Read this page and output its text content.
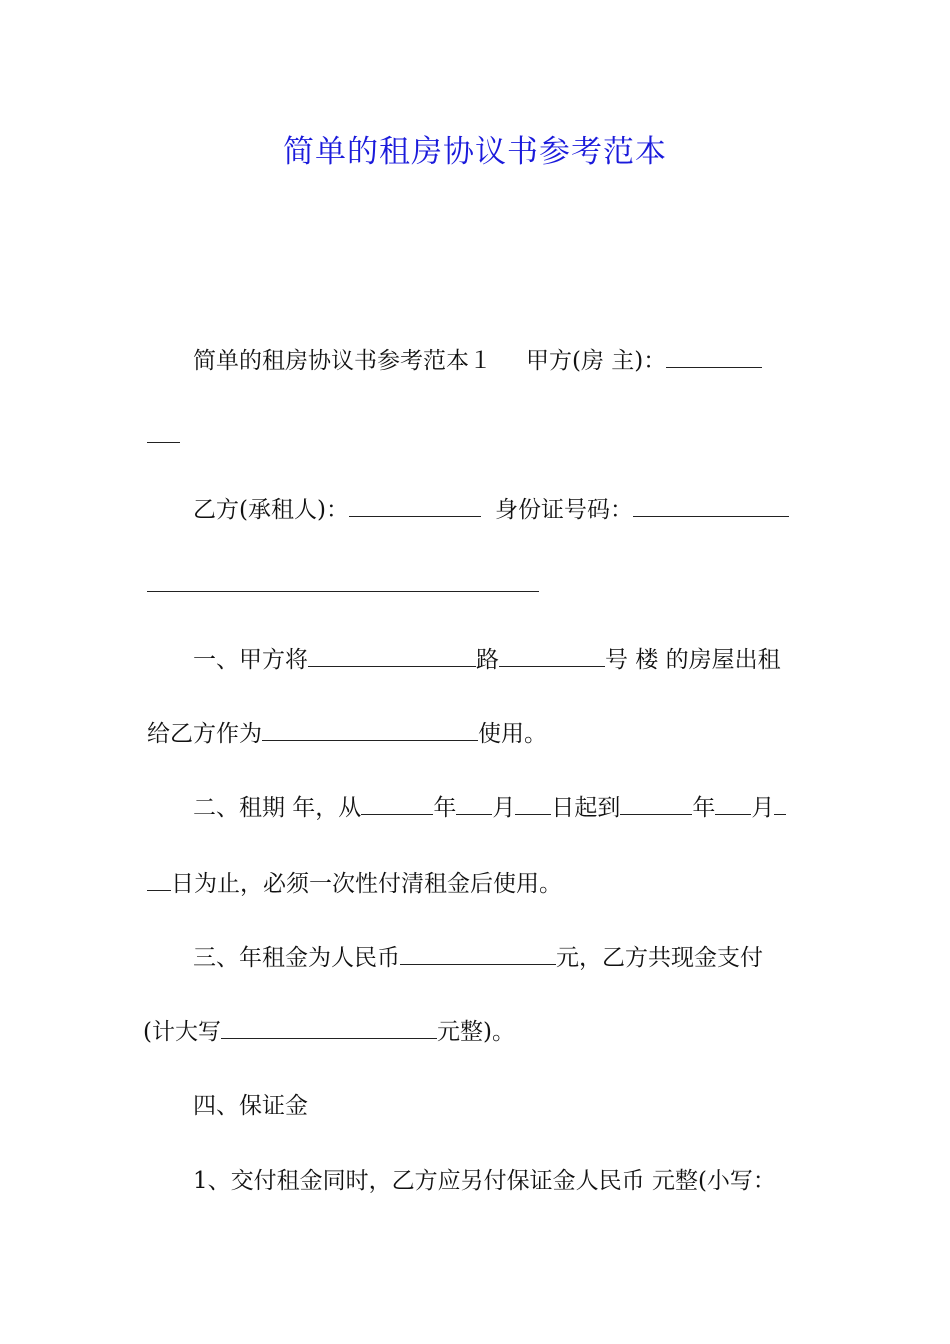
简单的租房协议书参考范本
简单的租房协议书参考范本１ 甲方(房 主)：
乙方(承租人)：	身份证号码：
一、甲方将	路	号 楼 的房屋出租
给乙方作为	使用。
二、租期 年，从	年 月 日起到	年 月
日为止，必须一次性付清租金后使用。
三、年租金为人民币	元，乙方共现金支付
(计大写	元整)。
四、保证金
1、交付租金同时，乙方应另付保证金人民币 元整(小写：
